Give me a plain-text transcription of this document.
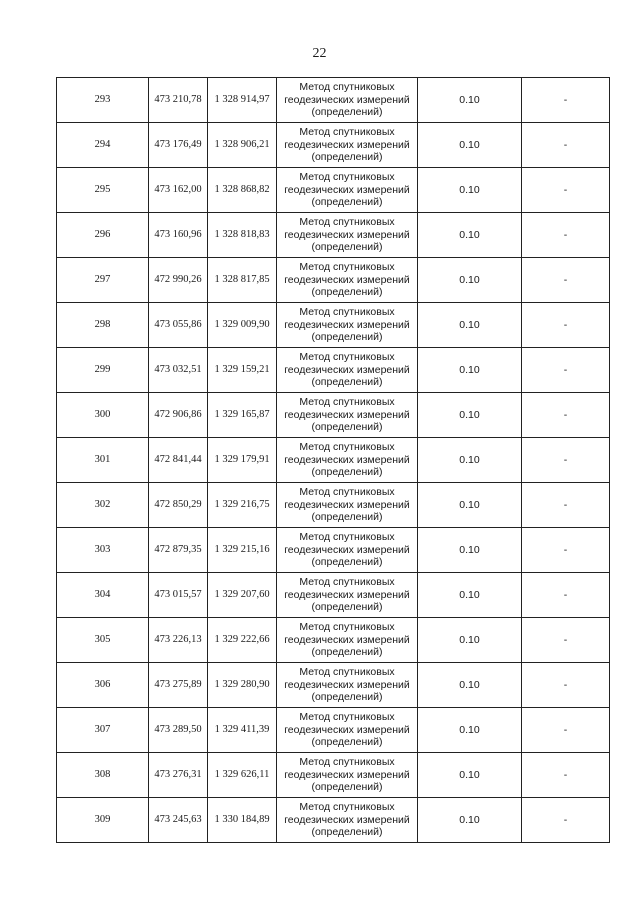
22
293	473 210,78	1 328 914,97	Метод спутниковых
геодезических измерений
(определений)	0.10	-
294	473 176,49	1 328 906,21	Метод спутниковых
геодезических измерений
(определений)	0.10	-
295	473 162,00	1 328 868,82	Метод спутниковых
геодезических измерений
(определений)	0.10	-
296	473 160,96	1 328 818,83	Метод спутниковых
геодезических измерений
(определений)	0.10	-
297	472 990,26	1 328 817,85	Метод спутниковых
геодезических измерений
(определений)	0.10	-
298	473 055,86	1 329 009,90	Метод спутниковых
геодезических измерений
(определений)	0.10	-
299	473 032,51	1 329 159,21	Метод спутниковых
геодезических измерений
(определений)	0.10	-
300	472 906,86	1 329 165,87	Метод спутниковых
геодезических измерений
(определений)	0.10	-
301	472 841,44	1 329 179,91	Метод спутниковых
геодезических измерений
(определений)	0.10	-
302	472 850,29	1 329 216,75	Метод спутниковых
геодезических измерений
(определений)	0.10	-
303	472 879,35	1 329 215,16	Метод спутниковых
геодезических измерений
(определений)	0.10	-
304	473 015,57	1 329 207,60	Метод спутниковых
геодезических измерений
(определений)	0.10	-
305	473 226,13	1 329 222,66	Метод спутниковых
геодезических измерений
(определений)	0.10	-
306	473 275,89	1 329 280,90	Метод спутниковых
геодезических измерений
(определений)	0.10	-
307	473 289,50	1 329 411,39	Метод спутниковых
геодезических измерений
(определений)	0.10	-
308	473 276,31	1 329 626,11	Метод спутниковых
геодезических измерений
(определений)	0.10	-
309	473 245,63	1 330 184,89	Метод спутниковых
геодезических измерений
(определений)	0.10	-
